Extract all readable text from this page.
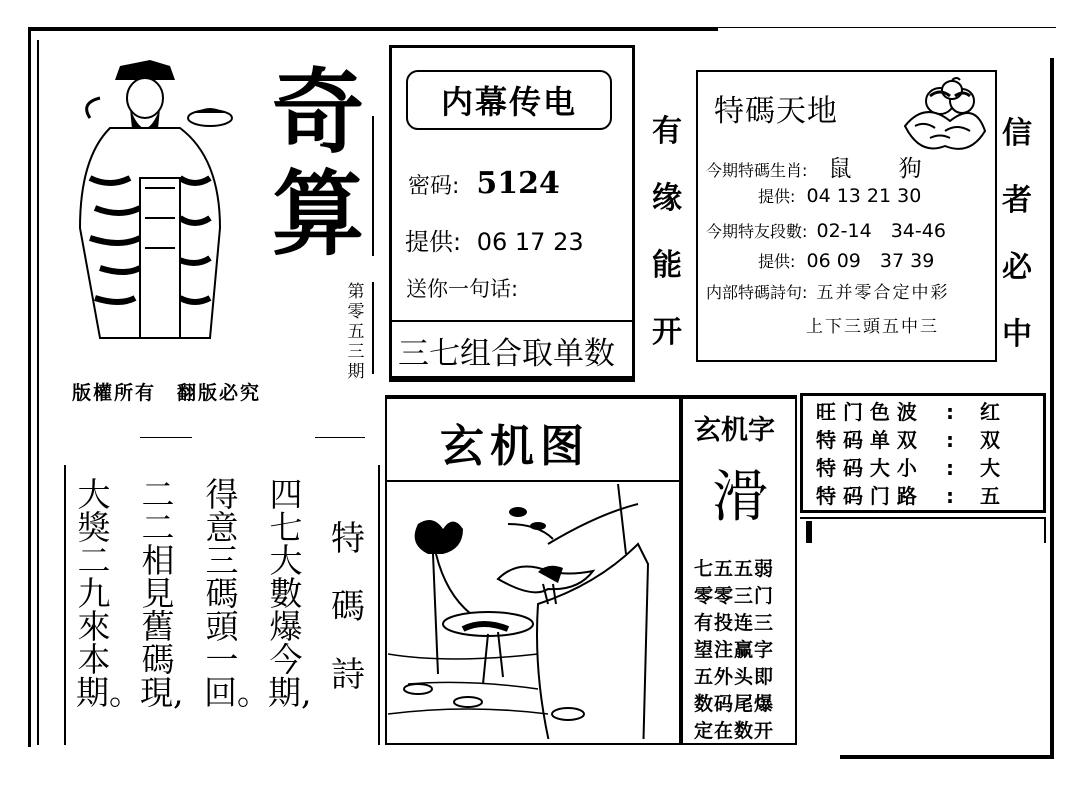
奇
算
第零五三期
版權所有　翻版必究
特碼詩
四七大數爆今期,
得意三碼頭一回。
二二相見舊碼現,
大獎二九來本期。
内幕传电
密码: 5124
提供: 06 17 23
送你一句话:
三七组合取单数
有缘能开
特碼天地
今期特碼生肖: 鼠 狗
提供: 04 13 21 30
今期特友段數: 02-14　34-46
提供: 06 09　37 39
内部特碼詩句: 五并零合定中彩
上下三頭五中三
信者必中
玄机图	玄机字
滑
七五五弱
零零三门
有投连三
望注赢字
五外头即
数码尾爆
定在数开
旺 门 色 波	:	红
特 码 单 双	:	双
特 码 大 小	:	大
特 码 门 路	:	五
